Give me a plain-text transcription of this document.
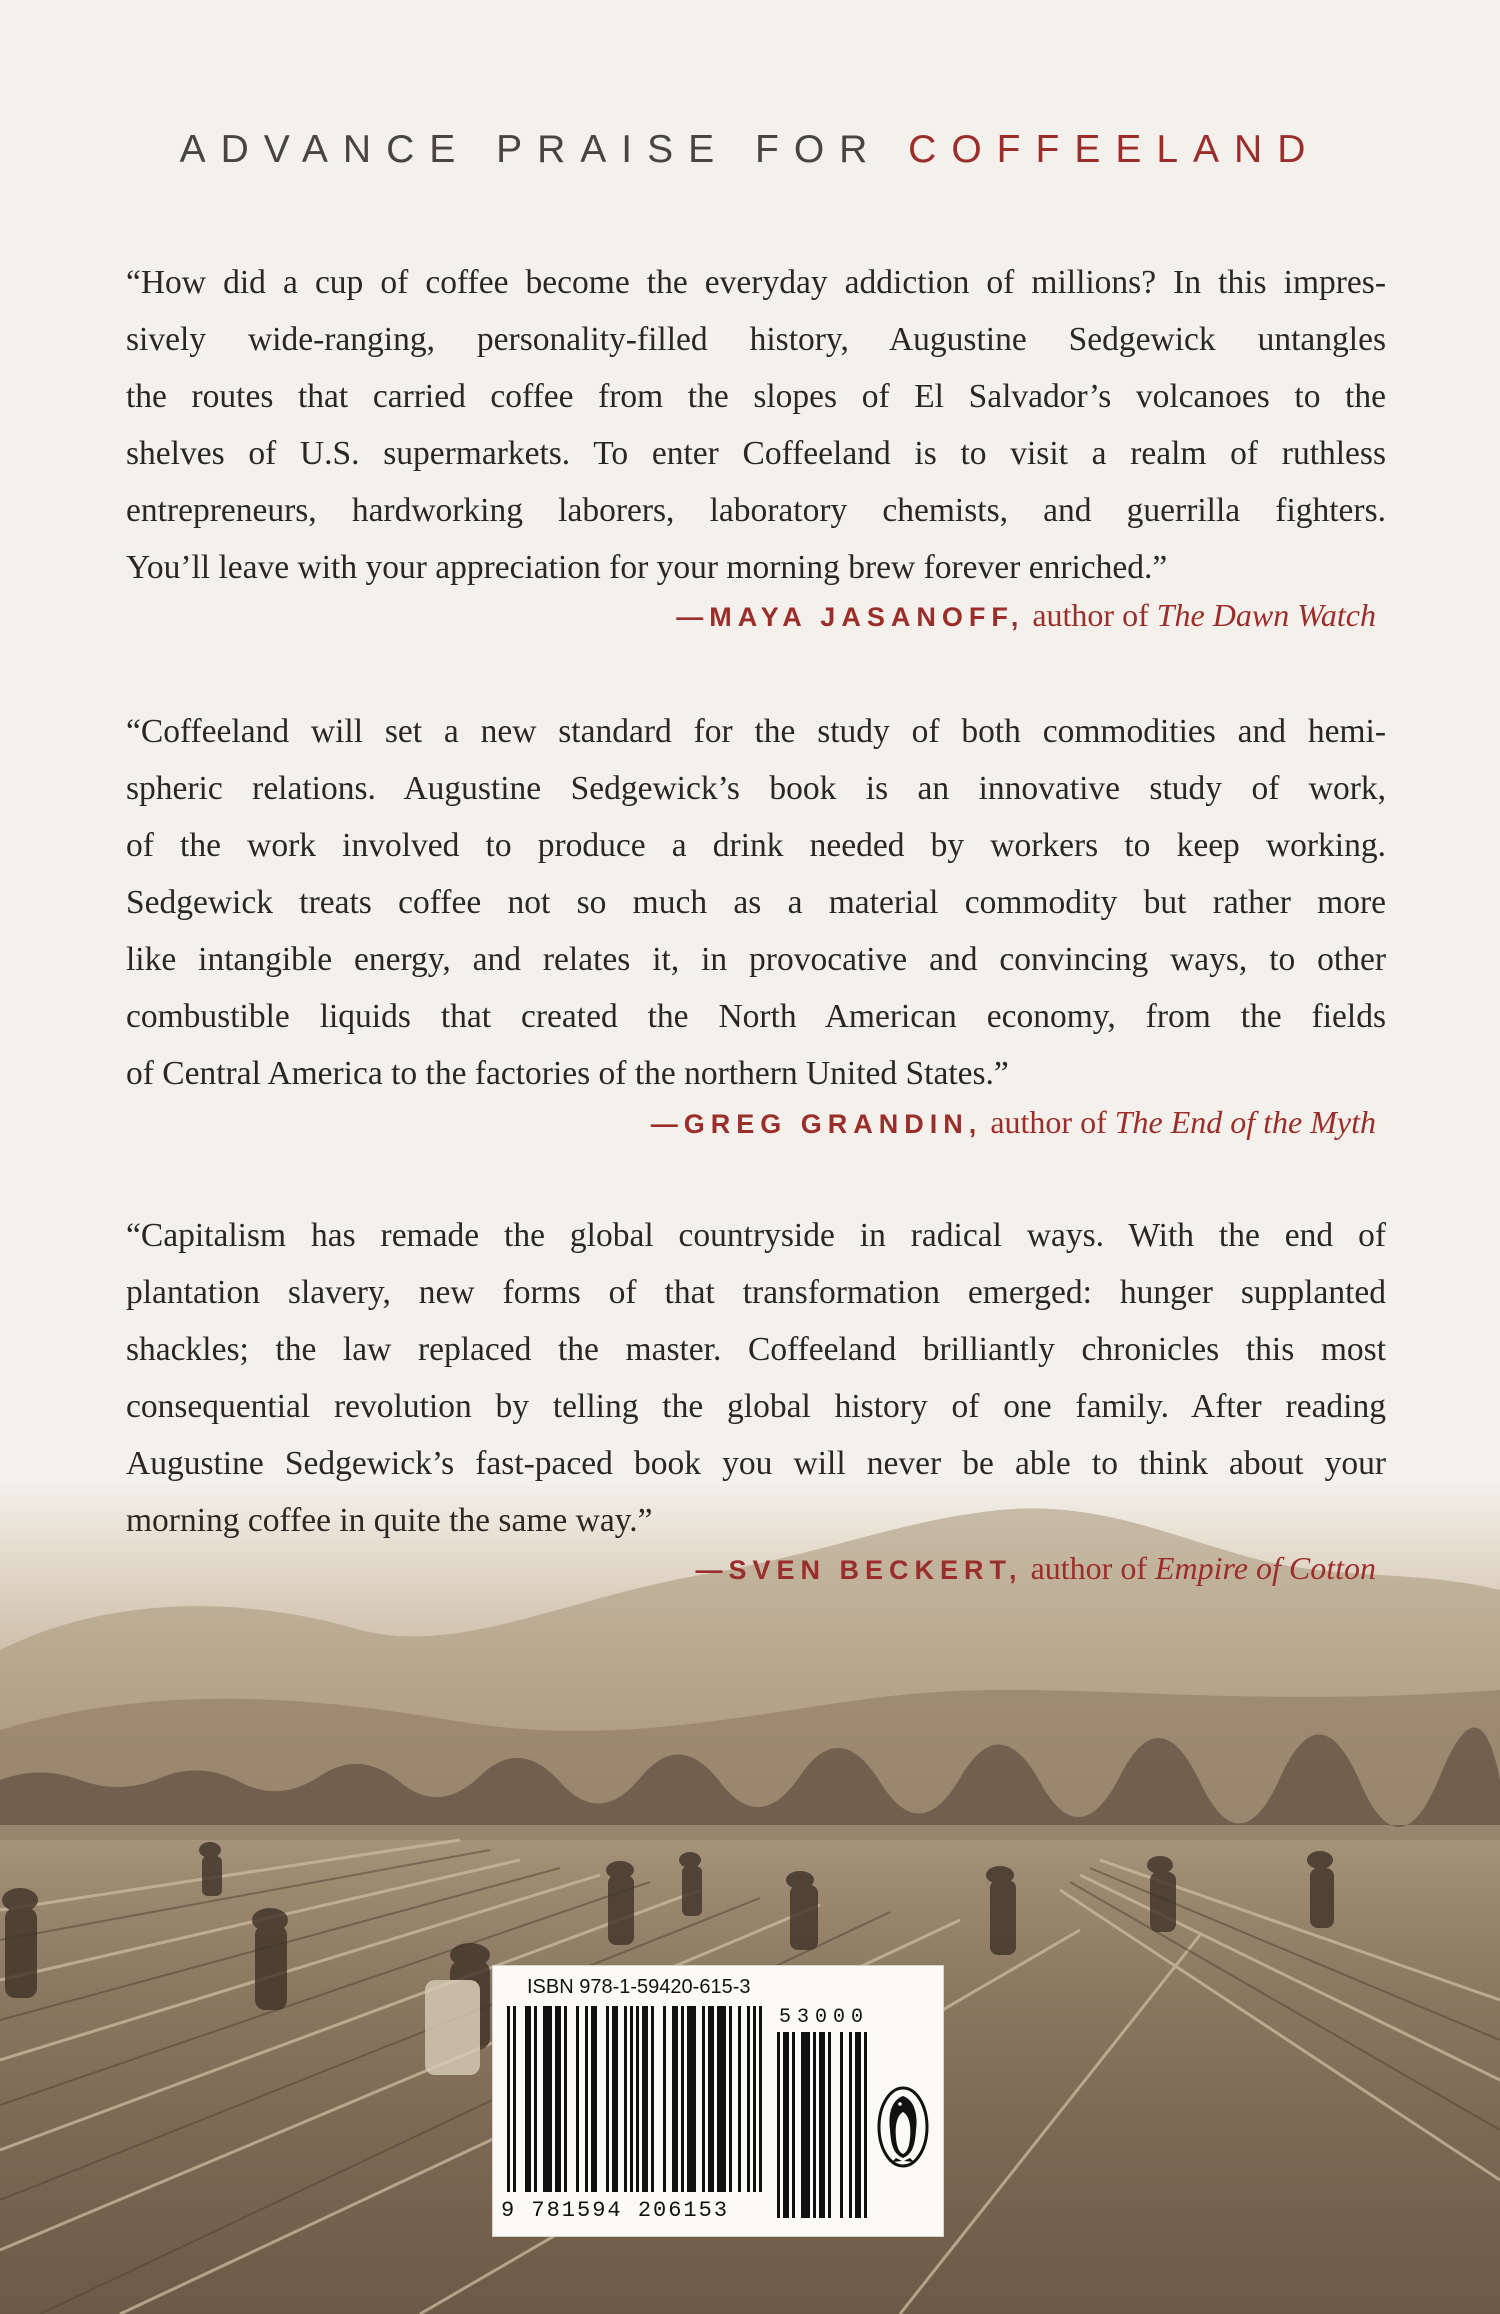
ADVANCE PRAISE FOR COFFEELAND
“How did a cup of coffee become the everyday addiction of millions? In this impres-
sively wide-ranging, personality-filled history, Augustine Sedgewick untangles
the routes that carried coffee from the slopes of El Salvador’s volcanoes to the
shelves of U.S. supermarkets. To enter Coffeeland is to visit a realm of ruthless
entrepreneurs, hardworking laborers, laboratory chemists, and guerrilla fighters.
You’ll leave with your appreciation for your morning brew forever enriched.”
—MAYA JASANOFF, author of The Dawn Watch
“Coffeeland will set a new standard for the study of both commodities and hemi-
spheric relations. Augustine Sedgewick’s book is an innovative study of work,
of the work involved to produce a drink needed by workers to keep working.
Sedgewick treats coffee not so much as a material commodity but rather more
like intangible energy, and relates it, in provocative and convincing ways, to other
combustible liquids that created the North American economy, from the fields
of Central America to the factories of the northern United States.”
—GREG GRANDIN, author of The End of the Myth
“Capitalism has remade the global countryside in radical ways. With the end of
plantation slavery, new forms of that transformation emerged: hunger supplanted
shackles; the law replaced the master. Coffeeland brilliantly chronicles this most
consequential revolution by telling the global history of one family. After reading
Augustine Sedgewick’s fast-paced book you will never be able to think about your
morning coffee in quite the same way.”
—SVEN BECKERT, author of Empire of Cotton
ISBN 978-1-59420-615-3
9 781594 206153
53000
